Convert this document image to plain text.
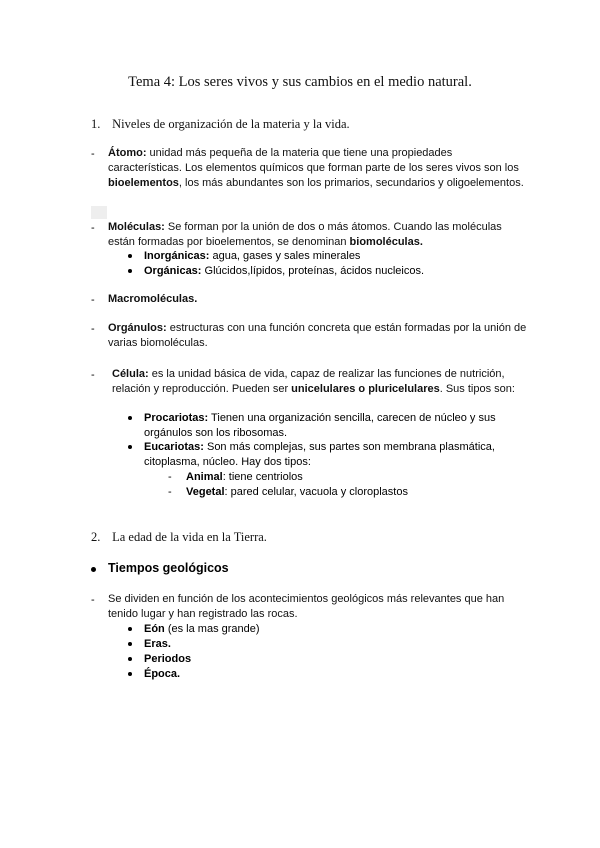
Tema 4: Los seres vivos y sus cambios en el medio natural.
1. Niveles de organización de la materia y la vida.
- Átomo: unidad más pequeña de la materia que tiene una propiedades características. Los elementos químicos que forman parte de los seres vivos son los bioelementos, los más abundantes son los primarios, secundarios y oligoelementos.
- Moléculas: Se forman por la unión de dos o más átomos. Cuando las moléculas están formadas por bioelementos, se denominan biomoléculas.
Inorgánicas: agua, gases y sales minerales
Orgánicas: Glúcidos,lípidos, proteínas, ácidos nucleicos.
- Macromoléculas.
- Orgánulos: estructuras con una función concreta que están formadas por la unión de varias biomoléculas.
- Célula: es la unidad básica de vida, capaz de realizar las funciones de nutrición, relación y reproducción. Pueden ser unicelulares o pluricelulares. Sus tipos son:
Procariotas: Tienen una organización sencilla, carecen de núcleo y sus orgánulos son los ribosomas.
Eucariotas: Son más complejas, sus partes son membrana plasmática, citoplasma, núcleo. Hay dos tipos:
- Animal: tiene centriolos
- Vegetal: pared celular, vacuola y cloroplastos
2. La edad de la vida en la Tierra.
Tiempos geológicos
- Se dividen en función de los acontecimientos geológicos más relevantes que han tenido lugar y han registrado las rocas.
Eón (es la mas grande)
Eras.
Periodos
Época.
